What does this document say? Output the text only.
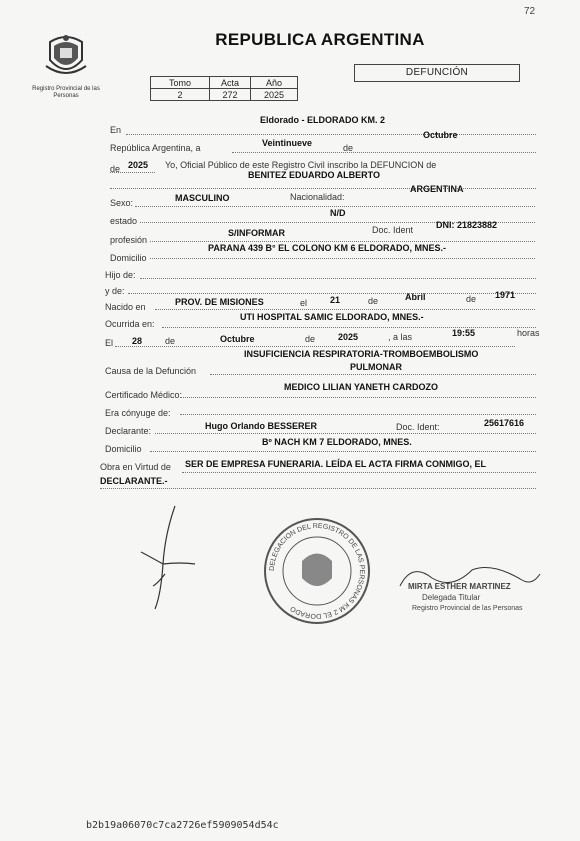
72
Registro Provincial de las Personas
REPUBLICA ARGENTINA
Tomo	Acta	Año
2	272	2025
DEFUNCIÓN
En
Eldorado - ELDORADO KM. 2
República Argentina, a	Veintinueve	de
Octubre
de 2025 Yo, Oficial Público de este Registro Civil inscribo la DEFUNCION de
BENITEZ EDUARDO ALBERTO
Sexo:	MASCULINO	Nacionalidad:
ARGENTINA
estado
N/D
profesión
S/INFORMAR	Doc. Ident	DNI: 21823882
Domicilio
PARANA 439 B° EL COLONO KM 6 ELDORADO, MNES.-
Hijo de:
y de:
Nacido en	PROV. DE MISIONES	el	21	de	Abril	de 1971
Ocurrida en:
UTI HOSPITAL SAMIC ELDORADO, MNES.-
El 28	de	Octubre	de	2025	, a las	19:55	horas
Causa de la Defunción
INSUFICIENCIA RESPIRATORIA-TROMBOEMBOLISMO
PULMONAR
Certificado Médico:
MEDICO LILIAN YANETH CARDOZO
Era cónyuge de:
Declarante:	Hugo Orlando BESSERER	Doc. Ident:	25617616
Domicilio
Bº NACH KM 7 ELDORADO, MNES.
Obra en Virtud de SER DE EMPRESA FUNERARIA. LEÍDA EL ACTA FIRMA CONMIGO, EL
DECLARANTE.-
DELEGACION DEL REGISTRO DE LAS PERSONAS KM 2 EL DORADO
MIRTA ESTHER MARTINEZ
Delegada Titular
Registro Provincial de las Personas
b2b19a06070c7ca2726ef5909054d54c
